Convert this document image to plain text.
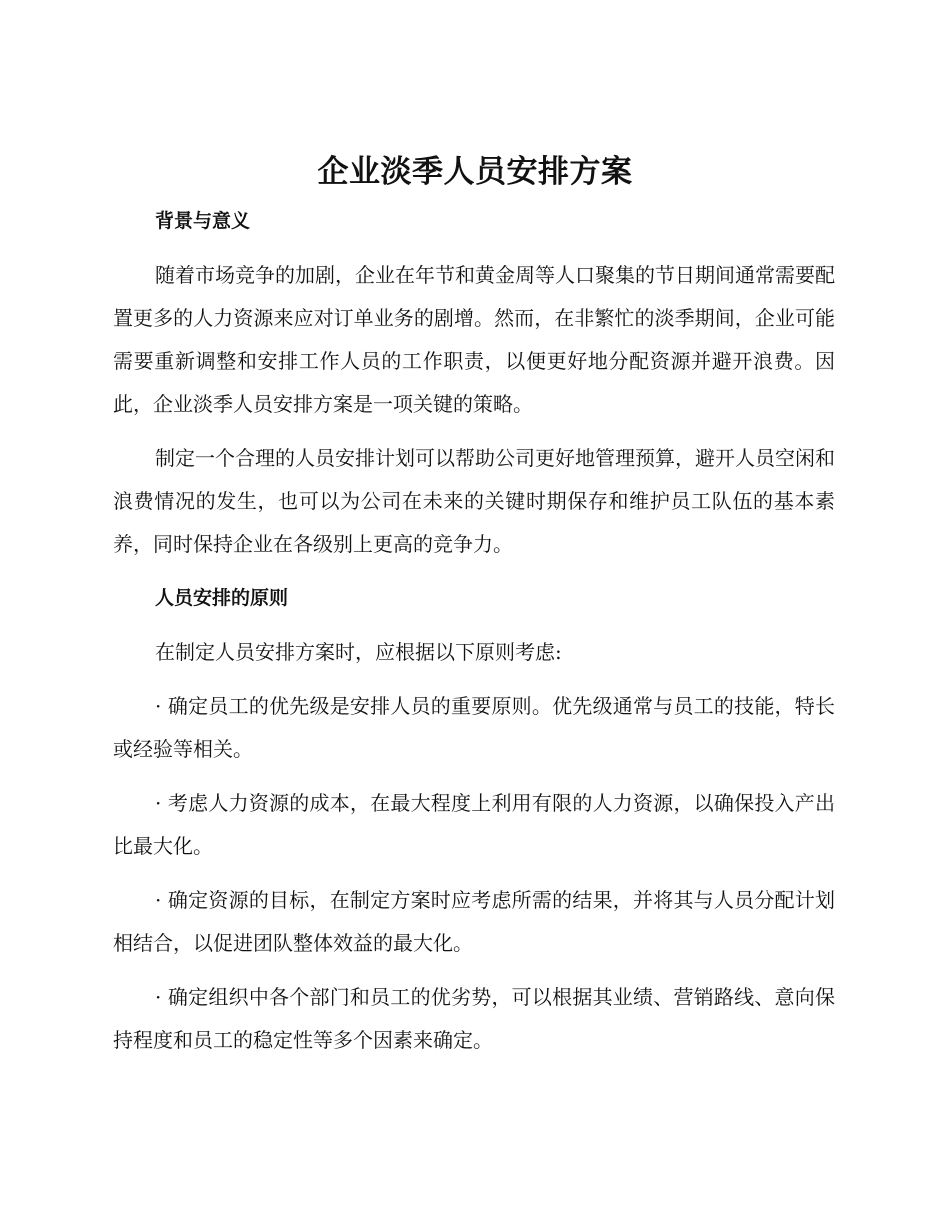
企业淡季人员安排方案

背景与意义

随着市场竞争的加剧，企业在年节和黄金周等人口聚集的节日期间通常需要配置更多的人力资源来应对订单业务的剧增。然而，在非繁忙的淡季期间，企业可能需要重新调整和安排工作人员的工作职责，以便更好地分配资源并避开浪费。因此，企业淡季人员安排方案是一项关键的策略。

制定一个合理的人员安排计划可以帮助公司更好地管理预算，避开人员空闲和浪费情况的发生，也可以为公司在未来的关键时期保存和维护员工队伍的基本素养，同时保持企业在各级别上更高的竞争力。

人员安排的原则

在制定人员安排方案时，应根据以下原则考虑:

· 确定员工的优先级是安排人员的重要原则。优先级通常与员工的技能，特长或经验等相关。

· 考虑人力资源的成本，在最大程度上利用有限的人力资源，以确保投入产出比最大化。

· 确定资源的目标，在制定方案时应考虑所需的结果，并将其与人员分配计划相结合，以促进团队整体效益的最大化。

· 确定组织中各个部门和员工的优劣势，可以根据其业绩、营销路线、意向保持程度和员工的稳定性等多个因素来确定。
